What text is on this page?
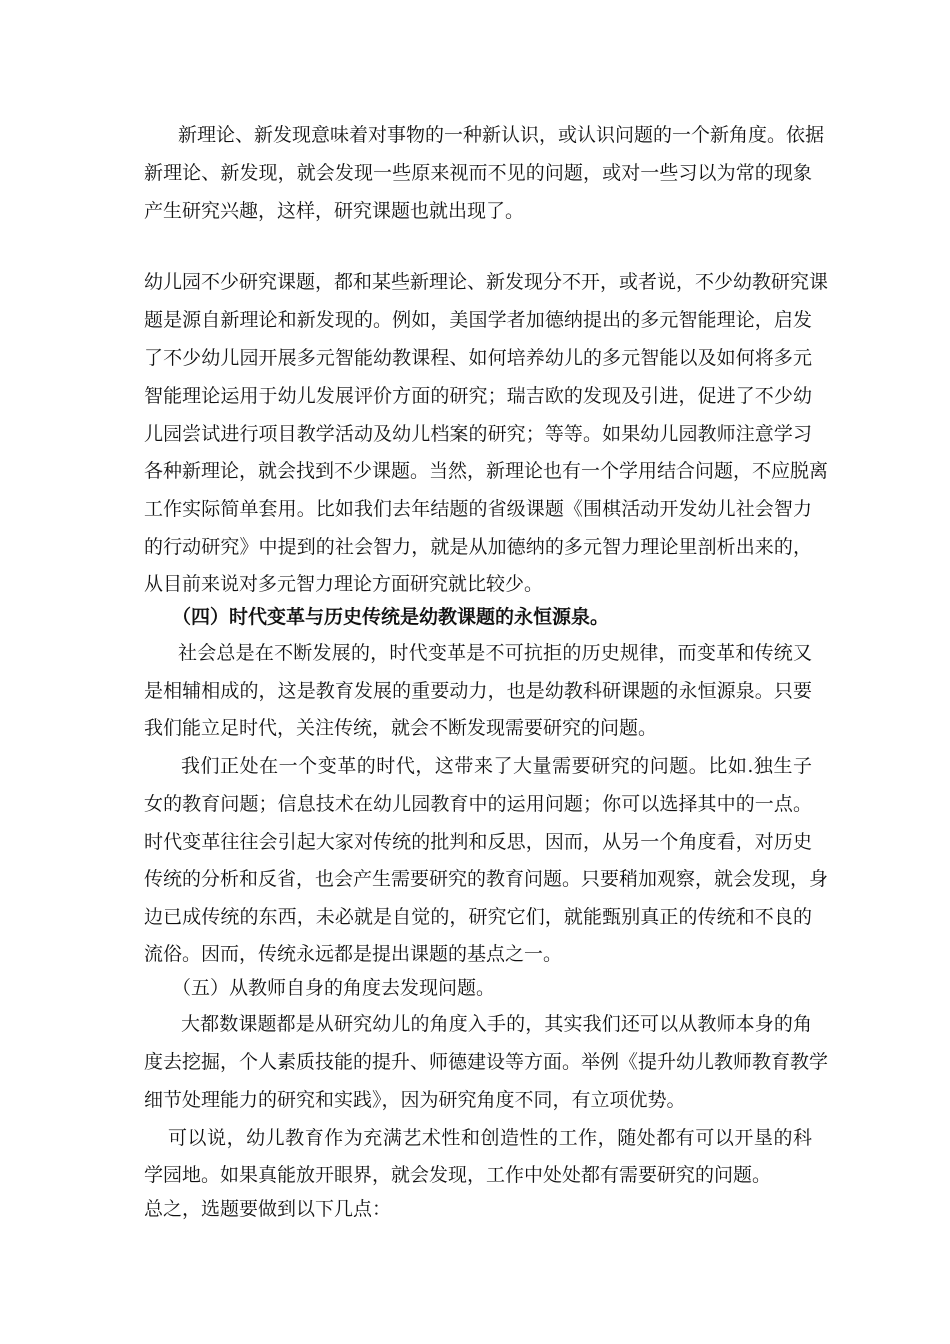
新理论、新发现意味着对事物的一种新认识，或认识问题的一个新角度。依据
新理论、新发现，就会发现一些原来视而不见的问题，或对一些习以为常的现象
产生研究兴趣，这样，研究课题也就出现了。
幼儿园不少研究课题，都和某些新理论、新发现分不开，或者说，不少幼教研究课
题是源自新理论和新发现的。例如，美国学者加德纳提出的多元智能理论，启发
了不少幼儿园开展多元智能幼教课程、如何培养幼儿的多元智能以及如何将多元
智能理论运用于幼儿发展评价方面的研究；瑞吉欧的发现及引进，促进了不少幼
儿园尝试进行项目教学活动及幼儿档案的研究；等等。如果幼儿园教师注意学习
各种新理论，就会找到不少课题。当然，新理论也有一个学用结合问题，不应脱离
工作实际简单套用。比如我们去年结题的省级课题《围棋活动开发幼儿社会智力
的行动研究》中提到的社会智力，就是从加德纳的多元智力理论里剖析出来的，
从目前来说对多元智力理论方面研究就比较少。
（四）时代变革与历史传统是幼教课题的永恒源泉。
社会总是在不断发展的，时代变革是不可抗拒的历史规律，而变革和传统又
是相辅相成的，这是教育发展的重要动力，也是幼教科研课题的永恒源泉。只要
我们能立足时代，关注传统，就会不断发现需要研究的问题。
我们正处在一个变革的时代，这带来了大量需要研究的问题。比如.独生子
女的教育问题；信息技术在幼儿园教育中的运用问题；你可以选择其中的一点。
时代变革往往会引起大家对传统的批判和反思，因而，从另一个角度看，对历史
传统的分析和反省，也会产生需要研究的教育问题。只要稍加观察，就会发现，身
边已成传统的东西，未必就是自觉的，研究它们，就能甄别真正的传统和不良的
流俗。因而，传统永远都是提出课题的基点之一。
（五）从教师自身的角度去发现问题。
大都数课题都是从研究幼儿的角度入手的，其实我们还可以从教师本身的角
度去挖掘，个人素质技能的提升、师德建设等方面。举例《提升幼儿教师教育教学
细节处理能力的研究和实践》，因为研究角度不同，有立项优势。
可以说，幼儿教育作为充满艺术性和创造性的工作，随处都有可以开垦的科
学园地。如果真能放开眼界，就会发现，工作中处处都有需要研究的问题。
总之，选题要做到以下几点：
